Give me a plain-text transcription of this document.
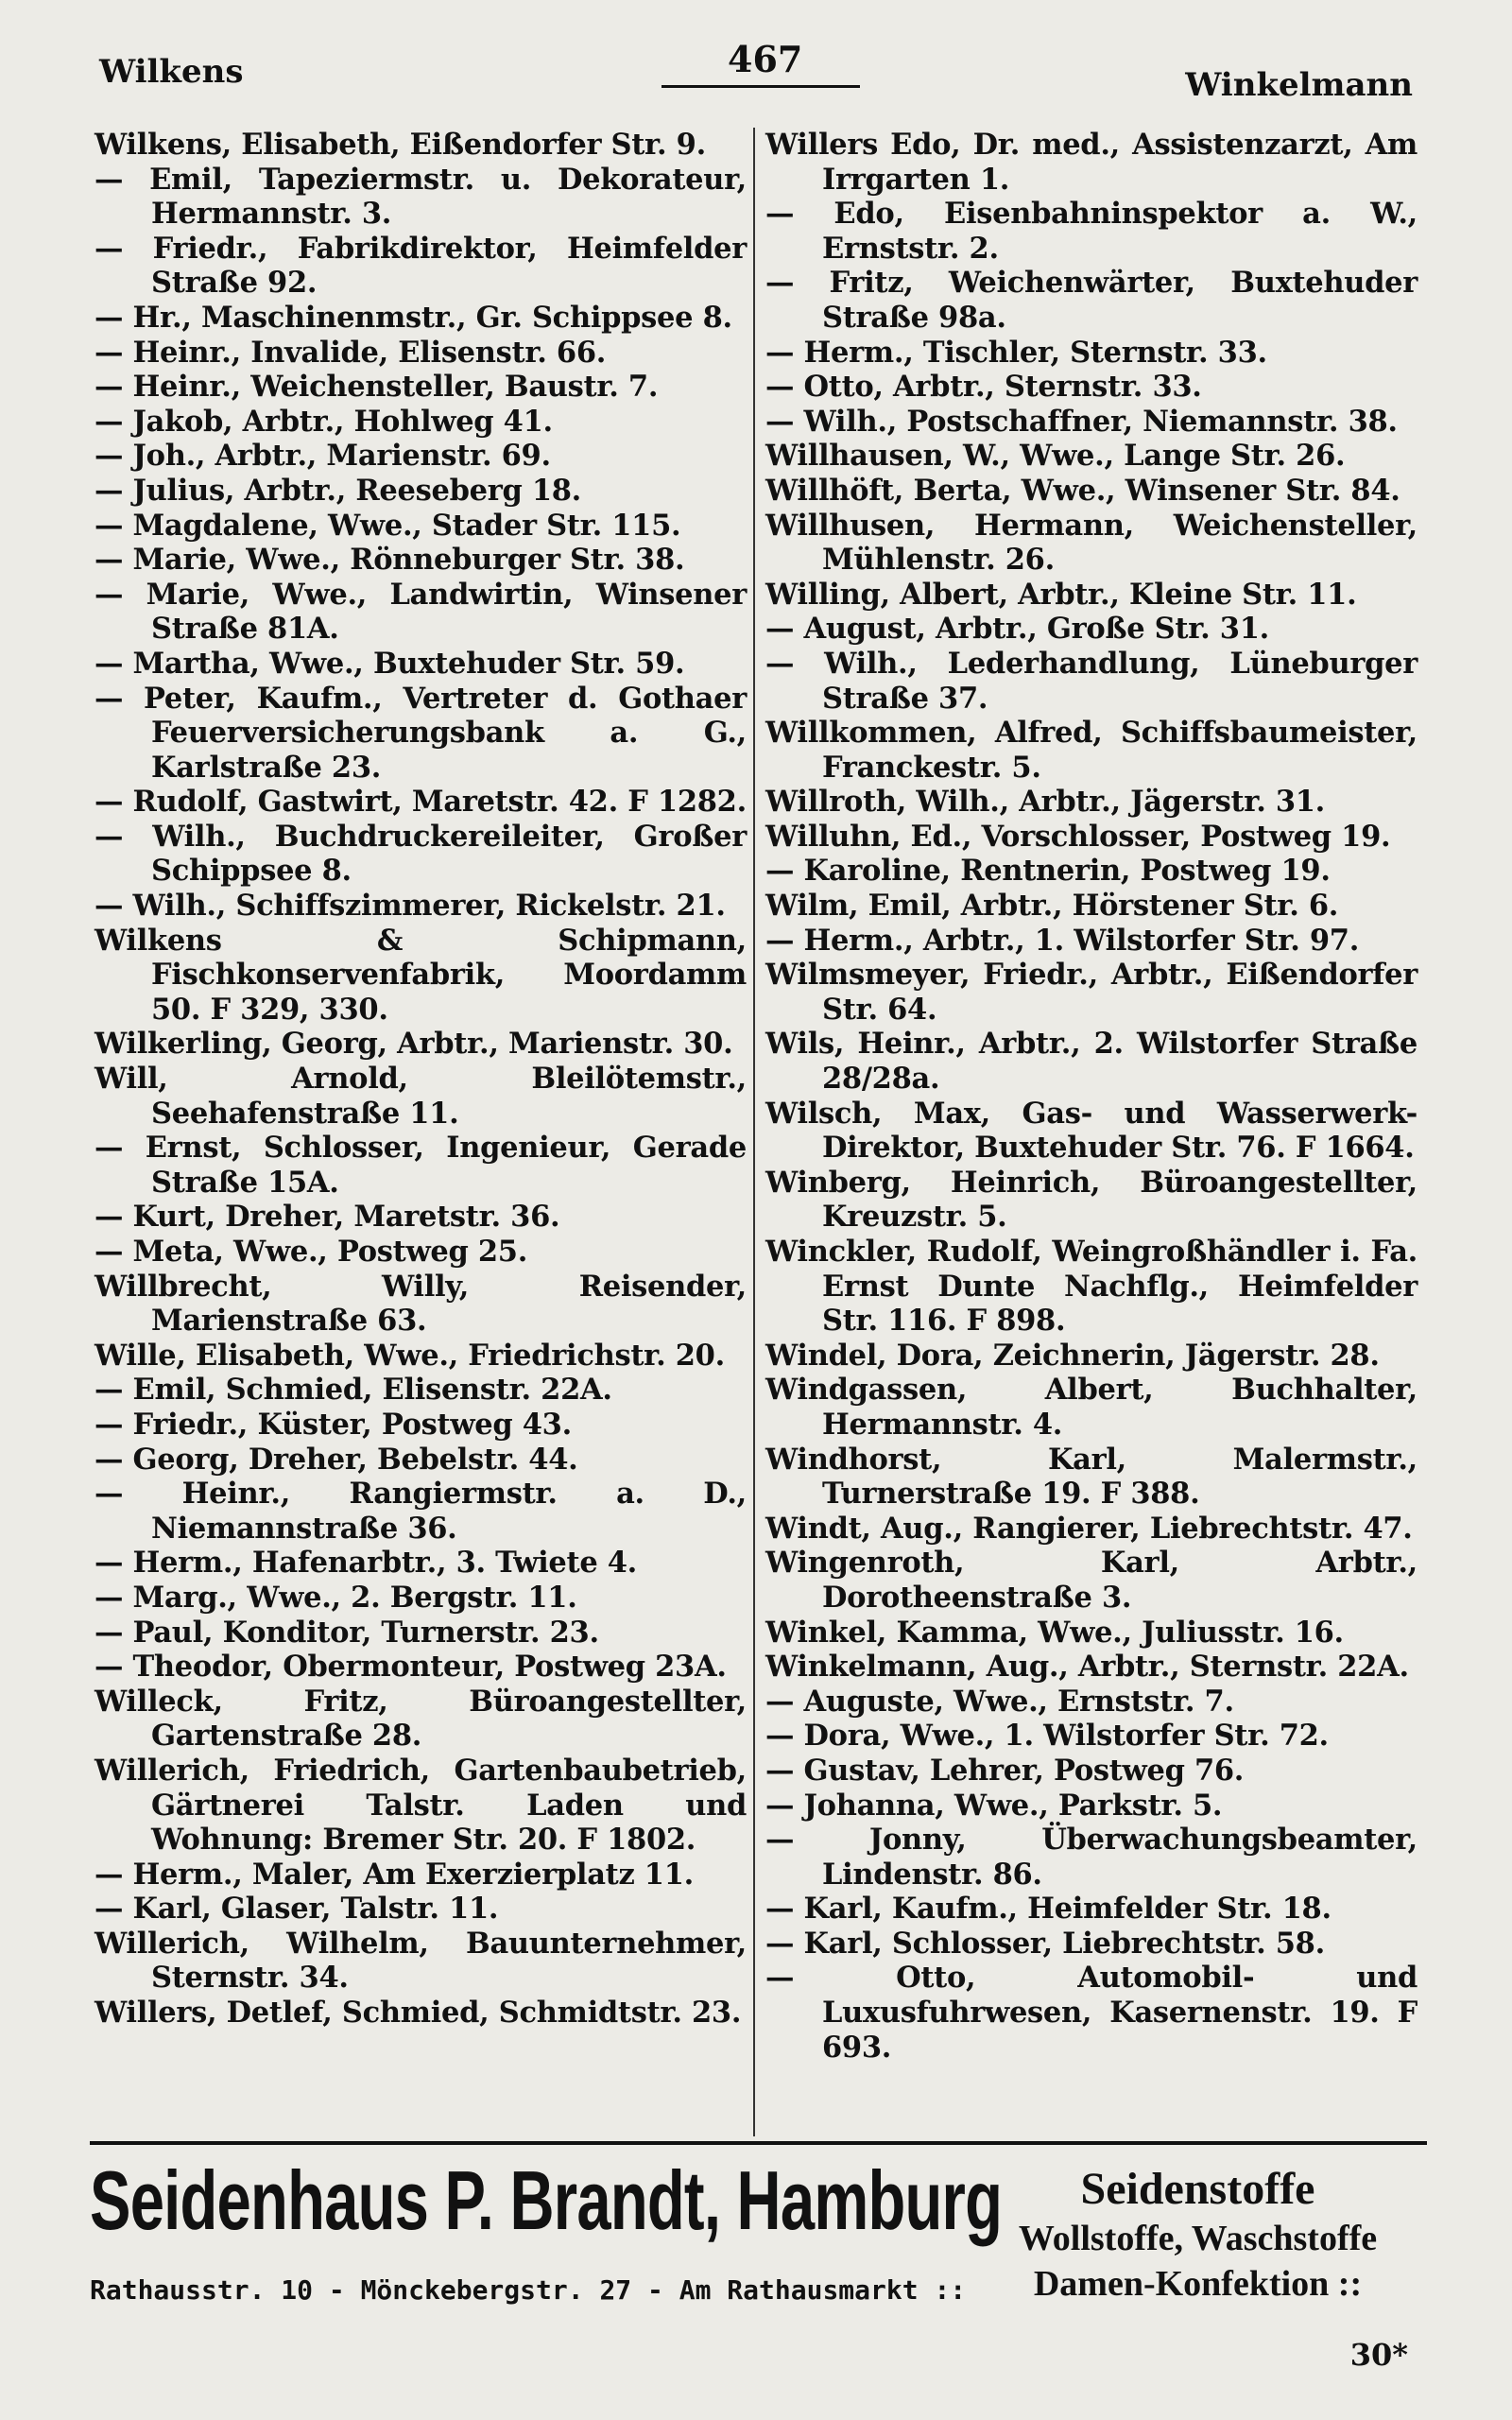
Wilkens	467
Winkelmann
Wilkens, Elisabeth, Eißendorfer Str. 9.
— Emil, Tapeziermstr. u. Dekorateur, Hermannstr. 3.
— Friedr., Fabrikdirektor, Heimfelder Straße 92.
— Hr., Maschinenmstr., Gr. Schippsee 8.
— Heinr., Invalide, Elisenstr. 66.
— Heinr., Weichensteller, Baustr. 7.
— Jakob, Arbtr., Hohlweg 41.
— Joh., Arbtr., Marienstr. 69.
— Julius, Arbtr., Reeseberg 18.
— Magdalene, Wwe., Stader Str. 115.
— Marie, Wwe., Rönneburger Str. 38.
— Marie, Wwe., Landwirtin, Winsener Straße 81A.
— Martha, Wwe., Buxtehuder Str. 59.
— Peter, Kaufm., Vertreter d. Gothaer Feuerversicherungsbank a. G., Karlstraße 23.
— Rudolf, Gastwirt, Maretstr. 42. F 1282.
— Wilh., Buchdruckereileiter, Großer Schippsee 8.
— Wilh., Schiffszimmerer, Rickelstr. 21.
Wilkens & Schipmann, Fischkonservenfabrik, Moordamm 50. F 329, 330.
Wilkerling, Georg, Arbtr., Marienstr. 30.
Will, Arnold, Bleilötemstr., Seehafenstraße 11.
— Ernst, Schlosser, Ingenieur, Gerade Straße 15A.
— Kurt, Dreher, Maretstr. 36.
— Meta, Wwe., Postweg 25.
Willbrecht, Willy, Reisender, Marienstraße 63.
Wille, Elisabeth, Wwe., Friedrichstr. 20.
— Emil, Schmied, Elisenstr. 22A.
— Friedr., Küster, Postweg 43.
— Georg, Dreher, Bebelstr. 44.
— Heinr., Rangiermstr. a. D., Niemannstraße 36.
— Herm., Hafenarbtr., 3. Twiete 4.
— Marg., Wwe., 2. Bergstr. 11.
— Paul, Konditor, Turnerstr. 23.
— Theodor, Obermonteur, Postweg 23A.
Willeck, Fritz, Büroangestellter, Gartenstraße 28.
Willerich, Friedrich, Gartenbaubetrieb, Gärtnerei Talstr. Laden und Wohnung: Bremer Str. 20. F 1802.
— Herm., Maler, Am Exerzierplatz 11.
— Karl, Glaser, Talstr. 11.
Willerich, Wilhelm, Bauunternehmer, Sternstr. 34.
Willers, Detlef, Schmied, Schmidtstr. 23.
Willers Edo, Dr. med., Assistenzarzt, Am Irrgarten 1.
— Edo, Eisenbahninspektor a. W., Ernststr. 2.
— Fritz, Weichenwärter, Buxtehuder Straße 98a.
— Herm., Tischler, Sternstr. 33.
— Otto, Arbtr., Sternstr. 33.
— Wilh., Postschaffner, Niemannstr. 38.
Willhausen, W., Wwe., Lange Str. 26.
Willhöft, Berta, Wwe., Winsener Str. 84.
Willhusen, Hermann, Weichensteller, Mühlenstr. 26.
Willing, Albert, Arbtr., Kleine Str. 11.
— August, Arbtr., Große Str. 31.
— Wilh., Lederhandlung, Lüneburger Straße 37.
Willkommen, Alfred, Schiffsbaumeister, Franckestr. 5.
Willroth, Wilh., Arbtr., Jägerstr. 31.
Willuhn, Ed., Vorschlosser, Postweg 19.
— Karoline, Rentnerin, Postweg 19.
Wilm, Emil, Arbtr., Hörstener Str. 6.
— Herm., Arbtr., 1. Wilstorfer Str. 97.
Wilmsmeyer, Friedr., Arbtr., Eißendorfer Str. 64.
Wils, Heinr., Arbtr., 2. Wilstorfer Straße 28/28a.
Wilsch, Max, Gas- und Wasserwerk-Direktor, Buxtehuder Str. 76. F 1664.
Winberg, Heinrich, Büroangestellter, Kreuzstr. 5.
Winckler, Rudolf, Weingroßhändler i. Fa. Ernst Dunte Nachflg., Heimfelder Str. 116. F 898.
Windel, Dora, Zeichnerin, Jägerstr. 28.
Windgassen, Albert, Buchhalter, Hermannstr. 4.
Windhorst, Karl, Malermstr., Turnerstraße 19. F 388.
Windt, Aug., Rangierer, Liebrechtstr. 47.
Wingenroth, Karl, Arbtr., Dorotheenstraße 3.
Winkel, Kamma, Wwe., Juliusstr. 16.
Winkelmann, Aug., Arbtr., Sternstr. 22A.
— Auguste, Wwe., Ernststr. 7.
— Dora, Wwe., 1. Wilstorfer Str. 72.
— Gustav, Lehrer, Postweg 76.
— Johanna, Wwe., Parkstr. 5.
— Jonny, Überwachungsbeamter, Lindenstr. 86.
— Karl, Kaufm., Heimfelder Str. 18.
— Karl, Schlosser, Liebrechtstr. 58.
— Otto, Automobil- und Luxusfuhrwesen, Kasernenstr. 19. F 693.
Seidenhaus P. Brandt, Hamburg
Rathausstr. 10 - Mönckebergstr. 27 - Am Rathausmarkt ::
Seidenstoffe
Wollstoffe, Waschstoffe
Damen-Konfektion ::
30*
